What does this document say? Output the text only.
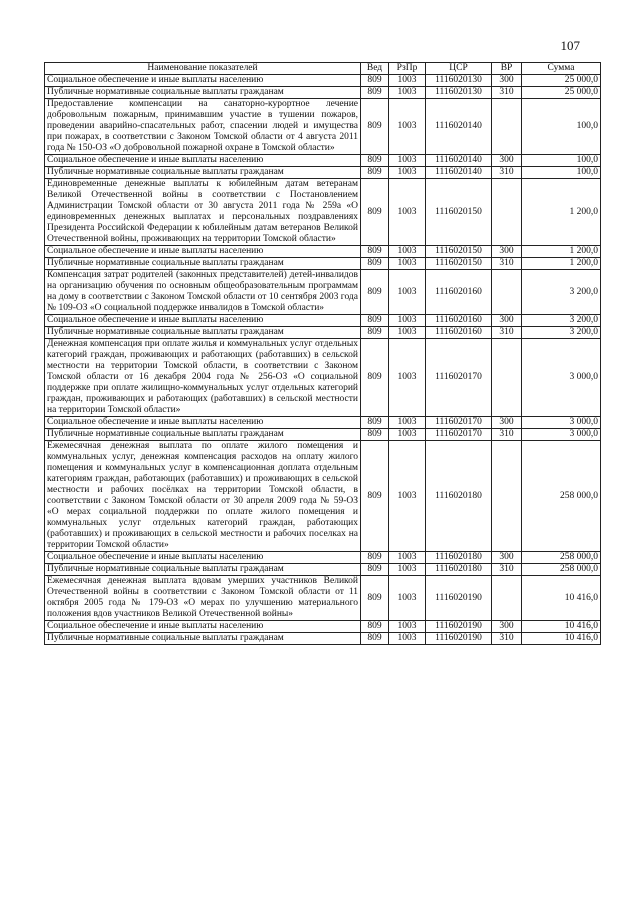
107
Наименование показателей	Вед	РзПр	ЦСР	ВР	Сумма
Социальное обеспечение и иные выплаты населению	809	1003	1116020130	300	25 000,0
Публичные нормативные социальные выплаты гражданам	809	1003	1116020130	310	25 000,0
Предоставление компенсации на санаторно-курортное лечение добровольным пожарным, принимавшим участие в тушении пожаров, проведении аварийно-спасательных работ, спасении людей и имущества при пожарах, в соответствии с Законом Томской области от 4 августа 2011 года № 150-ОЗ «О добровольной пожарной охране в Томской области»	809	1003	1116020140		100,0
Социальное обеспечение и иные выплаты населению	809	1003	1116020140	300	100,0
Публичные нормативные социальные выплаты гражданам	809	1003	1116020140	310	100,0
Единовременные денежные выплаты к юбилейным датам ветеранам Великой Отечественной войны в соответствии с Постановлением Администрации Томской области от 30 августа 2011 года № 259а «О единовременных денежных выплатах и персональных поздравлениях Президента Российской Федерации к юбилейным датам ветеранов Великой Отечественной войны, проживающих на территории Томской области»	809	1003	1116020150		1 200,0
Социальное обеспечение и иные выплаты населению	809	1003	1116020150	300	1 200,0
Публичные нормативные социальные выплаты гражданам	809	1003	1116020150	310	1 200,0
Компенсация затрат родителей (законных представителей) детей-инвалидов на организацию обучения по основным общеобразовательным программам на дому в соответствии с Законом Томской области от 10 сентября 2003 года № 109-ОЗ «О социальной поддержке инвалидов в Томской области»	809	1003	1116020160		3 200,0
Социальное обеспечение и иные выплаты населению	809	1003	1116020160	300	3 200,0
Публичные нормативные социальные выплаты гражданам	809	1003	1116020160	310	3 200,0
Денежная компенсация при оплате жилья и коммунальных услуг отдельных категорий граждан, проживающих и работающих (работавших) в сельской местности на территории Томской области, в соответствии с Законом Томской области от 16 декабря 2004 года № 256-ОЗ «О социальной поддержке при оплате жилищно-коммунальных услуг отдельных категорий граждан, проживающих и работающих (работавших) в сельской местности на территории Томской области»	809	1003	1116020170		3 000,0
Социальное обеспечение и иные выплаты населению	809	1003	1116020170	300	3 000,0
Публичные нормативные социальные выплаты гражданам	809	1003	1116020170	310	3 000,0
Ежемесячная денежная выплата по оплате жилого помещения и коммунальных услуг, денежная компенсация расходов на оплату жилого помещения и коммунальных услуг в компенсационная доплата отдельным категориям граждан, работающих (работавших) и проживающих в сельской местности и рабочих посёлках на территории Томской области, в соответствии с Законом Томской области от 30 апреля 2009 года № 59-ОЗ «О мерах социальной поддержки по оплате жилого помещения и коммунальных услуг отдельных категорий граждан, работающих (работавших) и проживающих в сельской местности и рабочих поселках на территории Томской области»	809	1003	1116020180		258 000,0
Социальное обеспечение и иные выплаты населению	809	1003	1116020180	300	258 000,0
Публичные нормативные социальные выплаты гражданам	809	1003	1116020180	310	258 000,0
Ежемесячная денежная выплата вдовам умерших участников Великой Отечественной войны в соответствии с Законом Томской области от 11 октября 2005 года № 179-ОЗ «О мерах по улучшению материального положения вдов участников Великой Отечественной войны»	809	1003	1116020190		10 416,0
Социальное обеспечение и иные выплаты населению	809	1003	1116020190	300	10 416,0
Публичные нормативные социальные выплаты гражданам	809	1003	1116020190	310	10 416,0
